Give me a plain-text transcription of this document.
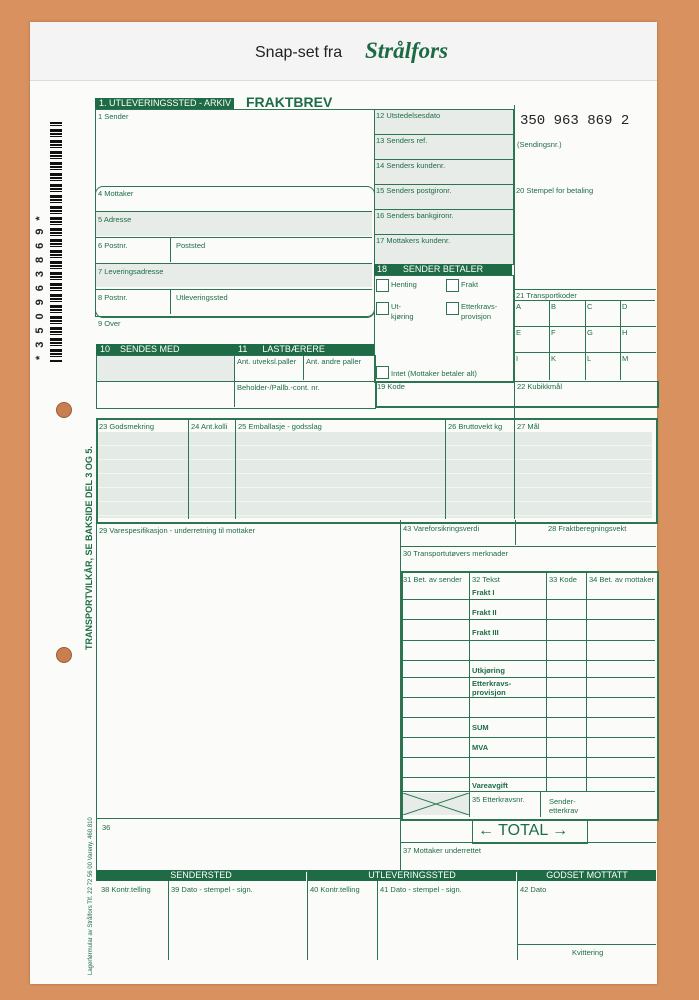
Snap-set fra Strålfors
*350963869*
TRANSPORTVILKÅR, SE BAKSIDE DEL 3 OG 5.
Lagerførmular av Strålfors Tlf. 22 72 56 00 Vareny. 460.810
1. UTLEVERINGSSTED - ARKIV FRAKTBREV
350 963 869 2
(Sendingsnr.)
1 Sender
4 Mottaker
5 Adresse
6 Postnr.	Poststed
7 Leveringsadresse
8 Postnr.	Utleveringssted
9 Over
12 Utstedelsesdato
13 Senders ref.
14 Senders kundenr.
15 Senders postgironr.
16 Senders bankgironr.
17 Mottakers kundenr.
18 SENDER BETALER
Henting	Frakt
Ut-
kjøring
Etterkravs-
provisjon
Intet (Mottaker betaler alt)
19 Kode	22 Kubikkmål
20 Stempel for betaling
21 Transportkoder
A	B	C	D
E	F	G	H
I	K	L	M
10 SENDES MED	11 LASTBÆRERE
Ant. utveksl.paller Ant. andre paller
Beholder-/Pallb.-cont. nr.
23 Godsmekring	24 Ant.kolli 25 Emballasje - godsslag	26 Bruttovekt kg 27 Mål
29 Varespesifikasjon - underretning til mottaker	43 Vareforsikringsverdi	28 Fraktberegningsvekt
30 Transportutøvers merknader
31 Bet. av sender 32 Tekst	33 Kode 34 Bet. av mottaker
Frakt I
Frakt II
Frakt III
Utkjøring
Etterkravs-
provisjon
SUM
MVA
Vareavgift
35 Etterkravsnr.	Sender-
etterkrav
← TOTAL →
36
37 Mottaker underrettet
SENDERSTED	UTLEVERINGSSTED	GODSET MOTTATT
38 Kontr.telling	39 Dato - stempel - sign.	40 Kontr.telling	41 Dato - stempel - sign.	42 Dato
Kvittering
